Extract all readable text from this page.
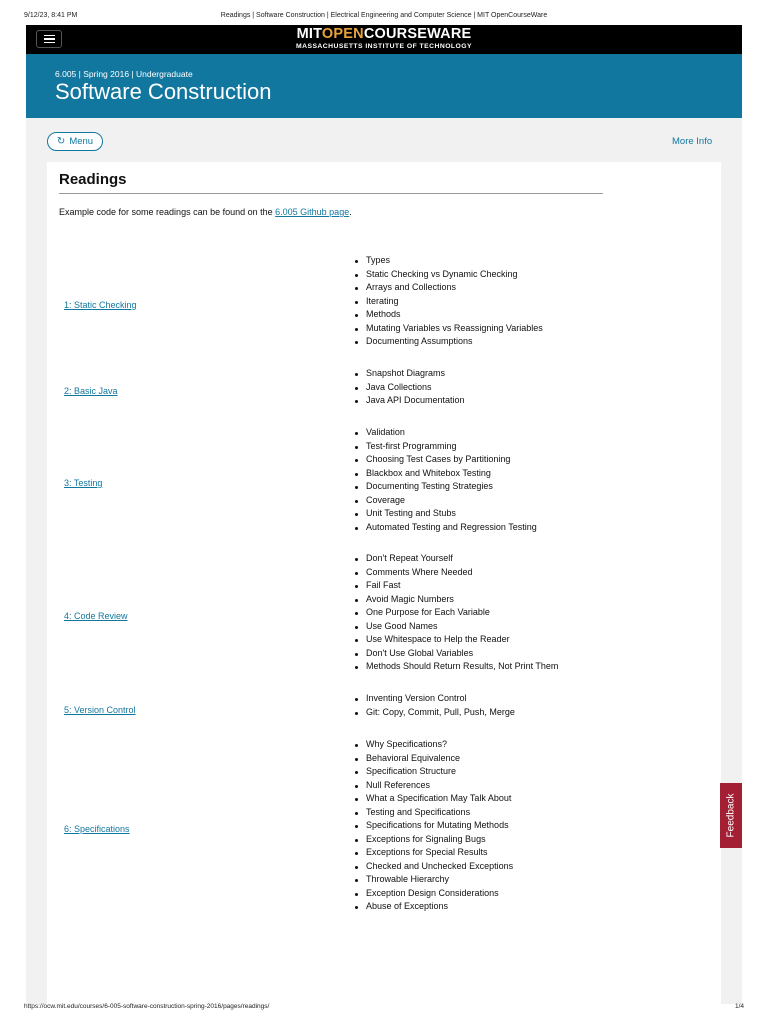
9/12/23, 8:41 PM	Readings | Software Construction | Electrical Engineering and Computer Science | MIT OpenCourseWare
MITOPENCOURSEWARE
MASSACHUSETTS INSTITUTE OF TECHNOLOGY
6.005 | Spring 2016 | Undergraduate
Software Construction
↻ Menu	More Info
Readings

Example code for some readings can be found on the 6.005 Github page.

1: Static Checking
Types
Static Checking vs Dynamic Checking
Arrays and Collections
Iterating
Methods
Mutating Variables vs Reassigning Variables
Documenting Assumptions
2: Basic Java
Snapshot Diagrams
Java Collections
Java API Documentation
3: Testing
Validation
Test-first Programming
Choosing Test Cases by Partitioning
Blackbox and Whitebox Testing
Documenting Testing Strategies
Coverage
Unit Testing and Stubs
Automated Testing and Regression Testing
4: Code Review
Don't Repeat Yourself
Comments Where Needed
Fail Fast
Avoid Magic Numbers
One Purpose for Each Variable
Use Good Names
Use Whitespace to Help the Reader
Don't Use Global Variables
Methods Should Return Results, Not Print Them
5: Version Control
Inventing Version Control
Git: Copy, Commit, Pull, Push, Merge
6: Specifications
Why Specifications?
Behavioral Equivalence
Specification Structure
Null References
What a Specification May Talk About
Testing and Specifications
Specifications for Mutating Methods
Exceptions for Signaling Bugs
Exceptions for Special Results
Checked and Unchecked Exceptions
Throwable Hierarchy
Exception Design Considerations
Abuse of Exceptions
Feedback
https://ocw.mit.edu/courses/6-005-software-construction-spring-2016/pages/readings/	1/4
